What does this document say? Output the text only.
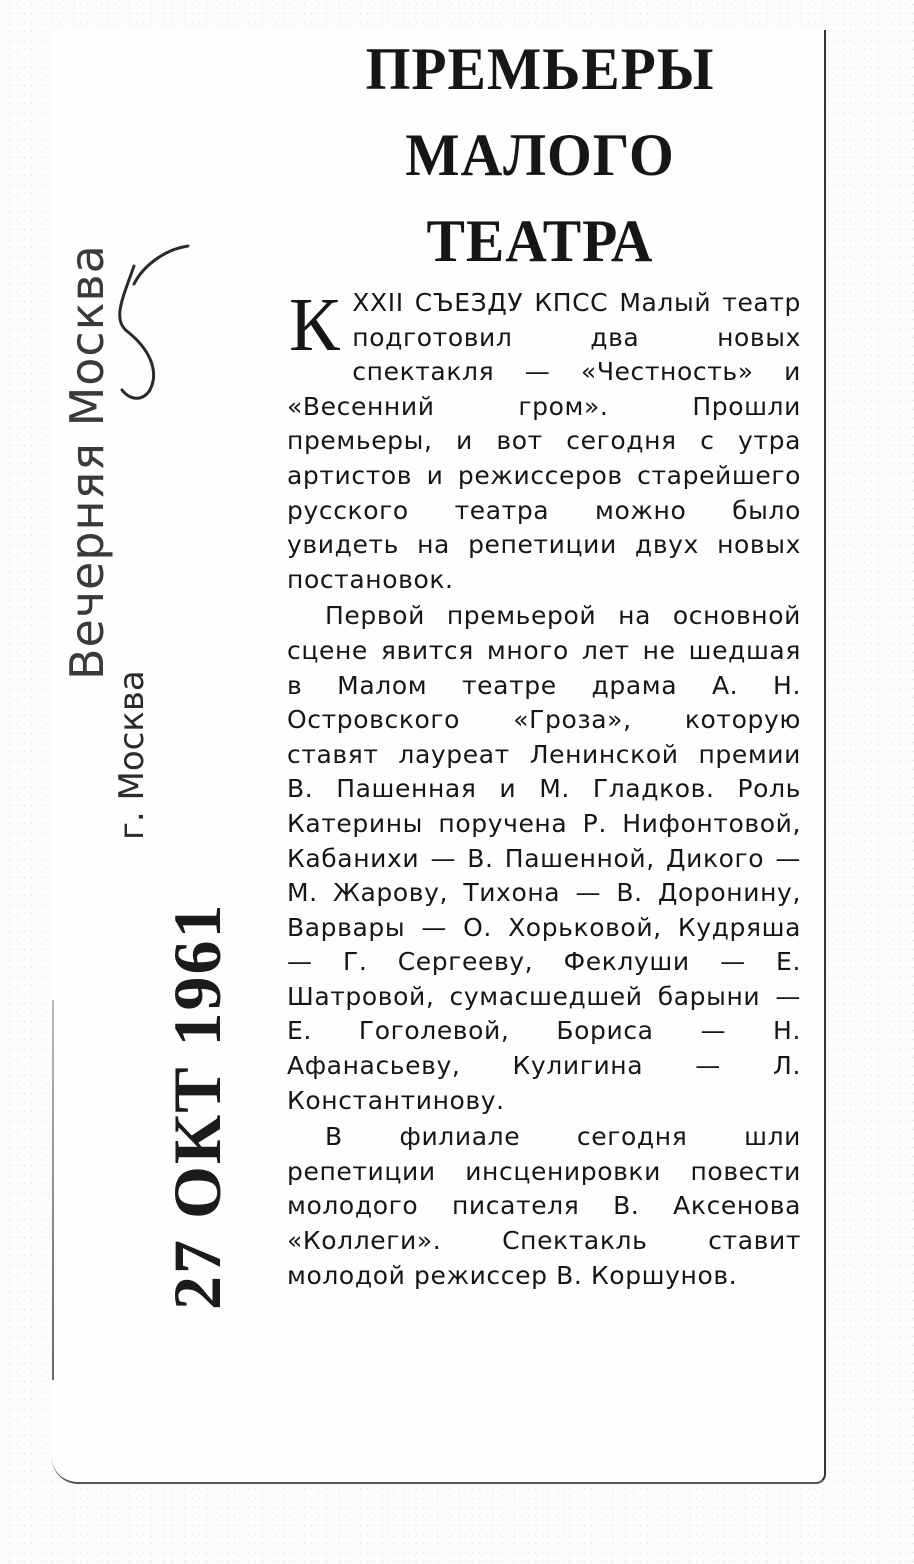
ПРЕМЬЕРЫ
МАЛОГО
ТЕАТРА

КХХII СЪЕЗДУ КПСС Малый театр подготовил два новых спектакля — «Честность» и «Весенний гром». Прошли премьеры, и вот сегодня с утра артистов и режиссеров старейшего русского театра можно было увидеть на репетиции двух новых постановок.

Первой премьерой на основной сцене явится много лет не шедшая в Малом театре драма А. Н. Островского «Гроза», которую ставят лауреат Ленинской премии В. Пашенная и М. Гладков. Роль Катерины поручена Р. Нифонтовой, Кабанихи — В. Пашенной, Дикого — М. Жарову, Тихона — В. Доронину, Варвары — О. Хорьковой, Кудряша — Г. Сергееву, Феклуши — Е. Шатровой, сумасшедшей барыни — Е. Гоголевой, Бориса — Н. Афанасьеву, Кулигина — Л. Константинову.

В филиале сегодня шли репетиции инсценировки повести молодого писателя В. Аксенова «Коллеги». Спектакль ставит молодой режиссер В. Коршунов.

Вечерняя Москва
г. Москва
27 ОКТ 1961
